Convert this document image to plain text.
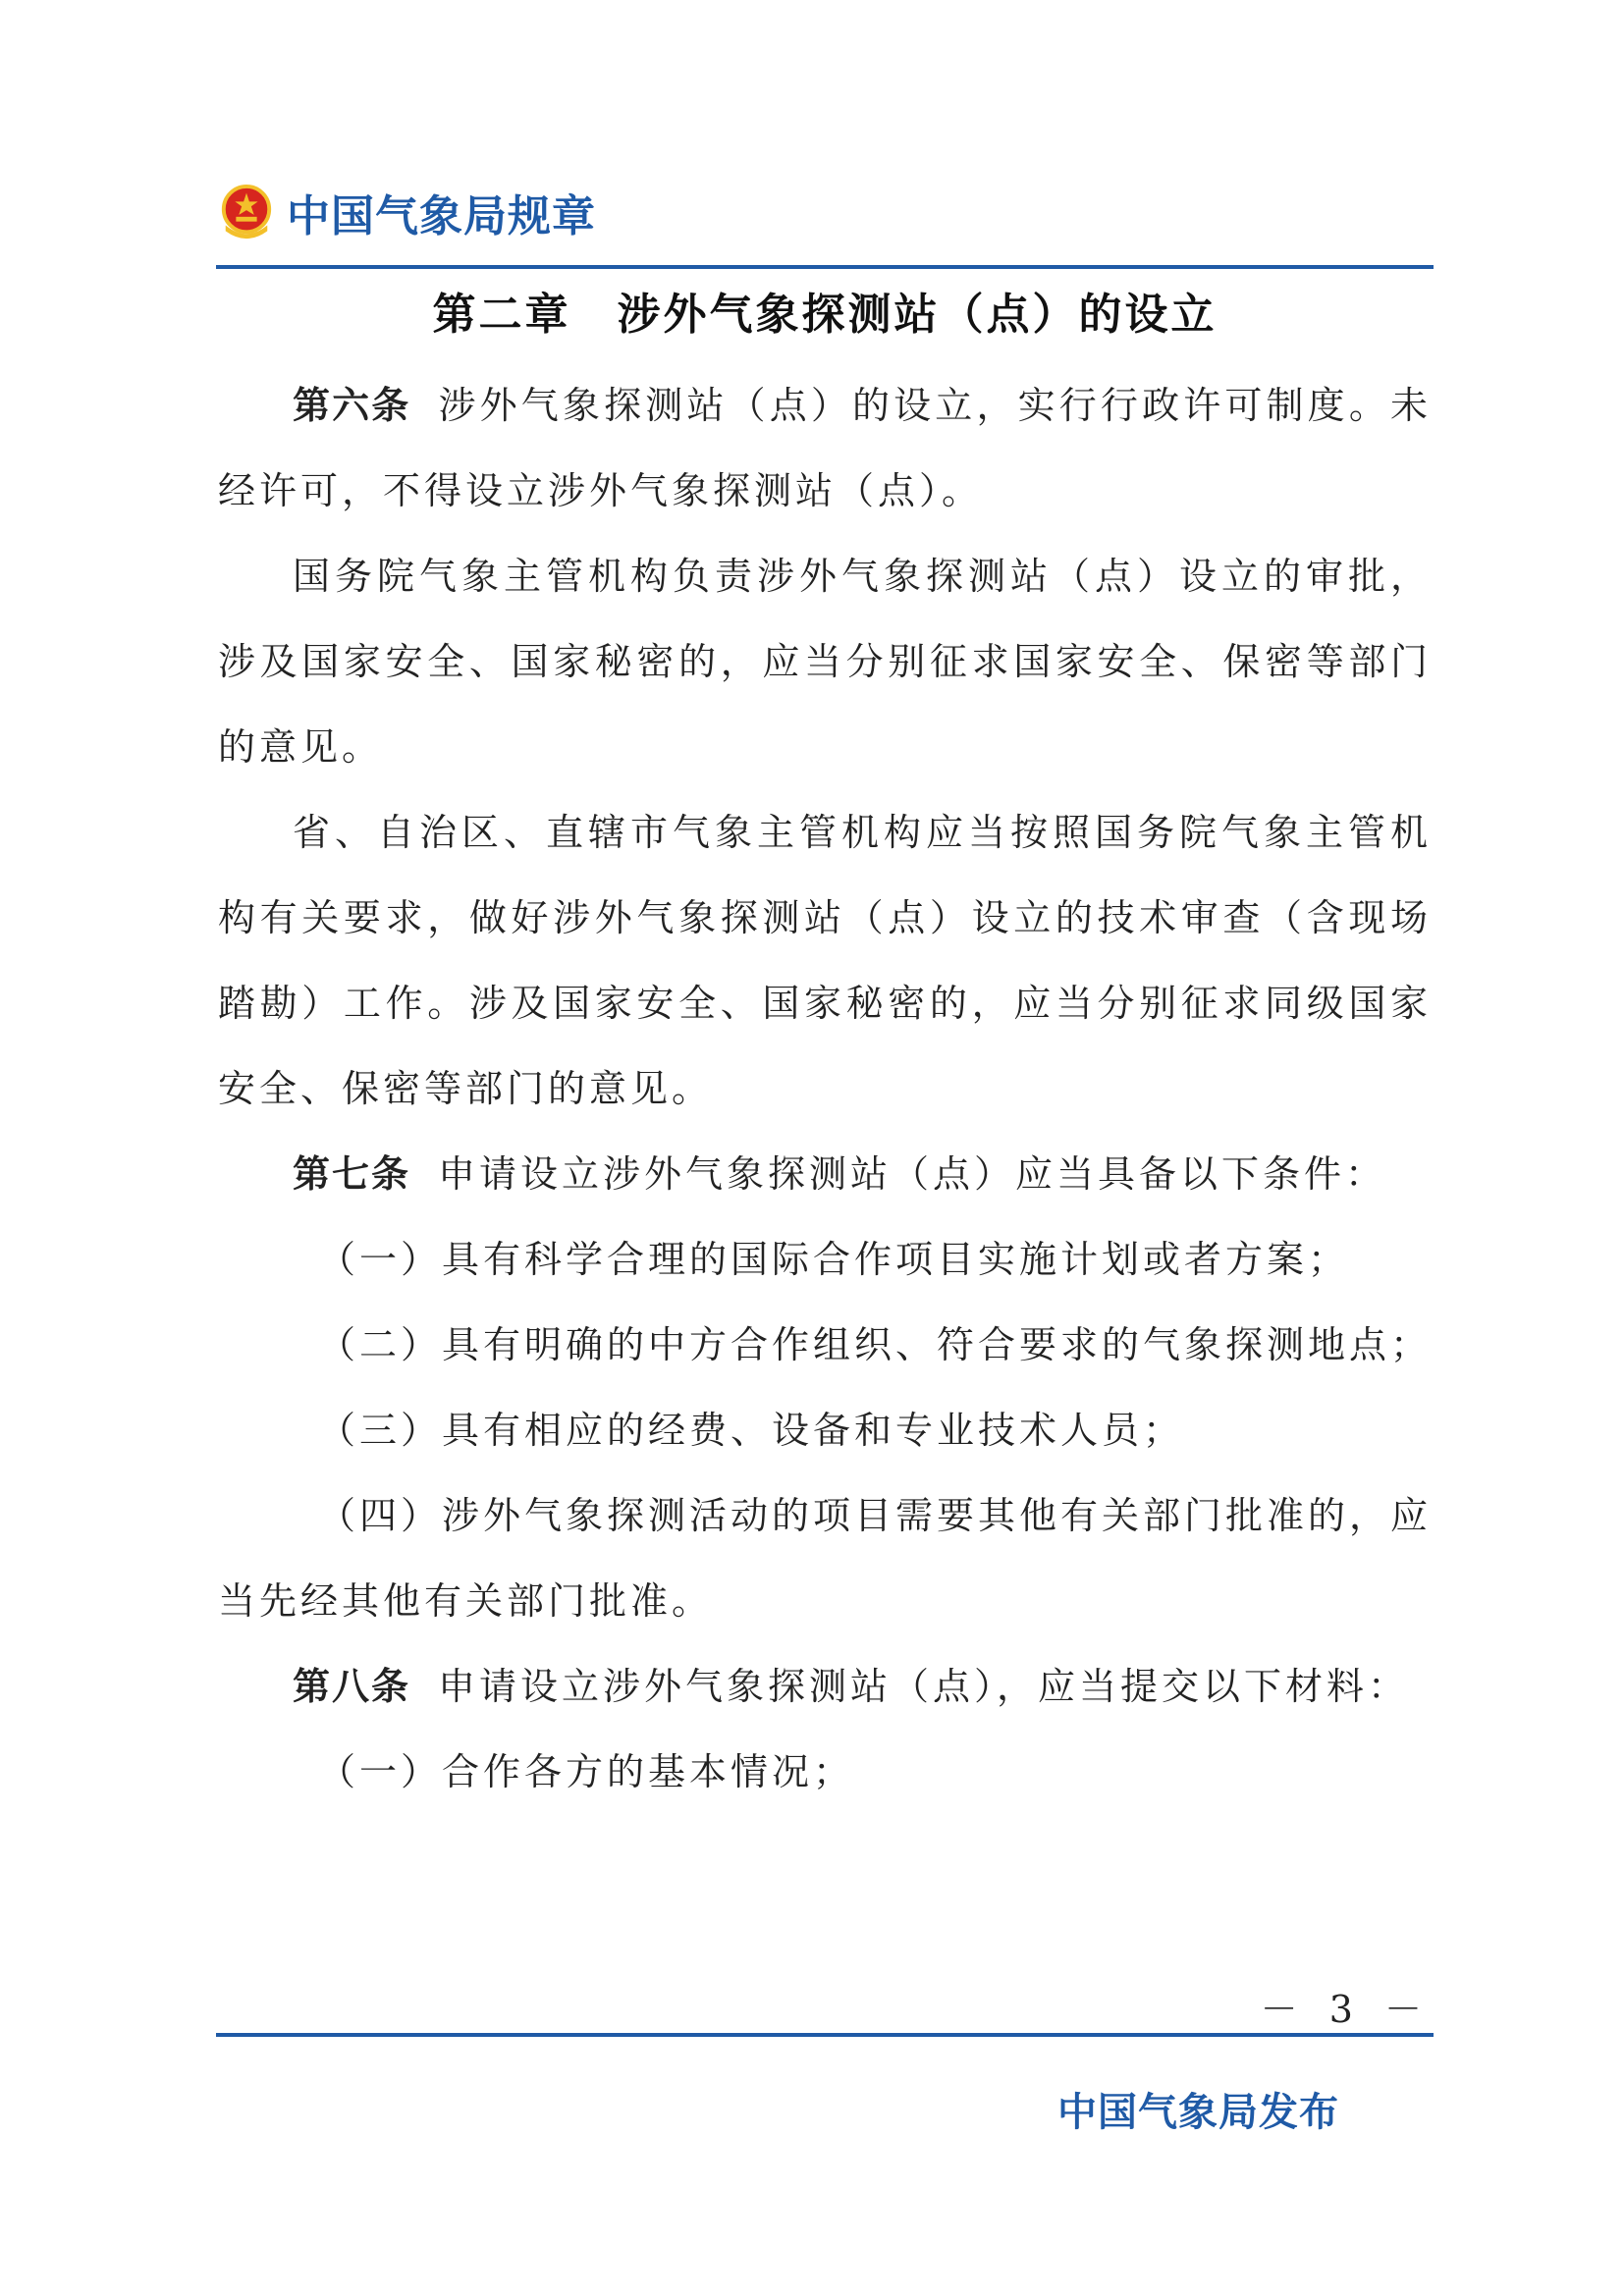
中国气象局规章
第二章　涉外气象探测站（点）的设立

第六条 涉外气象探测站（点）的设立，实行行政许可制度。未经许可，不得设立涉外气象探测站（点）。

国务院气象主管机构负责涉外气象探测站（点）设立的审批，涉及国家安全、国家秘密的，应当分别征求国家安全、保密等部门的意见。

省、自治区、直辖市气象主管机构应当按照国务院气象主管机构有关要求，做好涉外气象探测站（点）设立的技术审查（含现场踏勘）工作。涉及国家安全、国家秘密的，应当分别征求同级国家安全、保密等部门的意见。

第七条 申请设立涉外气象探测站（点）应当具备以下条件：

（一）具有科学合理的国际合作项目实施计划或者方案；

（二）具有明确的中方合作组织、符合要求的气象探测地点；

（三）具有相应的经费、设备和专业技术人员；

（四）涉外气象探测活动的项目需要其他有关部门批准的，应当先经其他有关部门批准。

第八条 申请设立涉外气象探测站（点），应当提交以下材料：

（一）合作各方的基本情况；

－ 3 －
中国气象局发布
